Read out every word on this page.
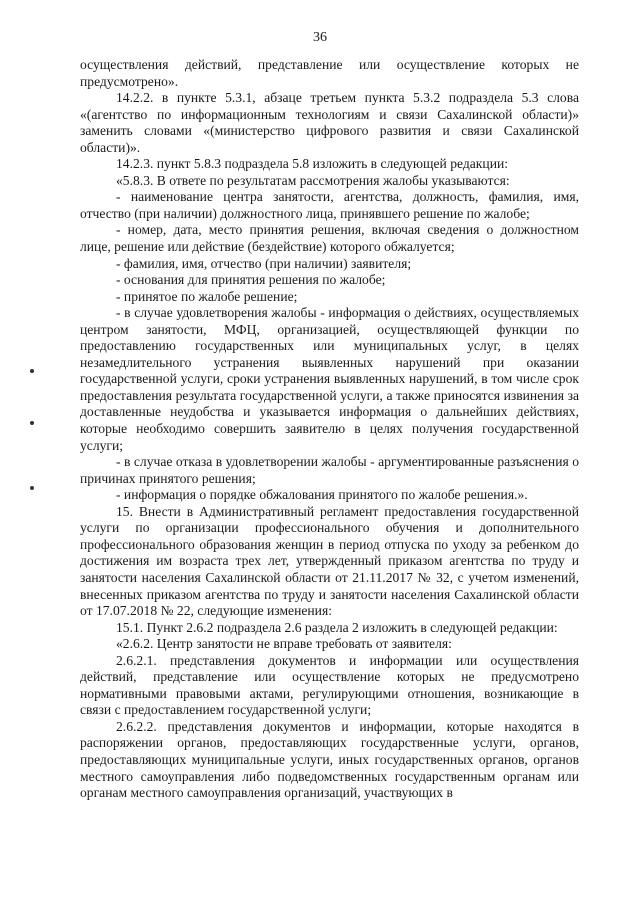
36

осуществления действий, представление или осуществление которых не предусмотрено».

14.2.2. в пункте 5.3.1, абзаце третьем пункта 5.3.2 подраздела 5.3 слова «(агентство по информационным технологиям и связи Сахалинской области)» заменить словами «(министерство цифрового развития и связи Сахалинской области)».

14.2.3. пункт 5.8.3 подраздела 5.8 изложить в следующей редакции:

«5.8.3. В ответе по результатам рассмотрения жалобы указываются:

- наименование центра занятости, агентства, должность, фамилия, имя, отчество (при наличии) должностного лица, принявшего решение по жалобе;

- номер, дата, место принятия решения, включая сведения о должностном лице, решение или действие (бездействие) которого обжалуется;

- фамилия, имя, отчество (при наличии) заявителя;

- основания для принятия решения по жалобе;

- принятое по жалобе решение;

- в случае удовлетворения жалобы - информация о действиях, осуществляемых центром занятости, МФЦ, организацией, осуществляющей функции по предоставлению государственных или муниципальных услуг, в целях незамедлительного устранения выявленных нарушений при оказании государственной услуги, сроки устранения выявленных нарушений, в том числе срок предоставления результата государственной услуги, а также приносятся извинения за доставленные неудобства и указывается информация о дальнейших действиях, которые необходимо совершить заявителю в целях получения государственной услуги;

- в случае отказа в удовлетворении жалобы - аргументированные разъяснения о причинах принятого решения;

- информация о порядке обжалования принятого по жалобе решения.».

15. Внести в Административный регламент предоставления государственной услуги по организации профессионального обучения и дополнительного профессионального образования женщин в период отпуска по уходу за ребенком до достижения им возраста трех лет, утвержденный приказом агентства по труду и занятости населения Сахалинской области от 21.11.2017 № 32, с учетом изменений, внесенных приказом агентства по труду и занятости населения Сахалинской области от 17.07.2018 № 22, следующие изменения:

15.1. Пункт 2.6.2 подраздела 2.6 раздела 2 изложить в следующей редакции:

«2.6.2. Центр занятости не вправе требовать от заявителя:

2.6.2.1. представления документов и информации или осуществления действий, представление или осуществление которых не предусмотрено нормативными правовыми актами, регулирующими отношения, возникающие в связи с предоставлением государственной услуги;

2.6.2.2. представления документов и информации, которые находятся в распоряжении органов, предоставляющих государственные услуги, органов, предоставляющих муниципальные услуги, иных государственных органов, органов местного самоуправления либо подведомственных государственным органам или органам местного самоуправления организаций, участвующих в
